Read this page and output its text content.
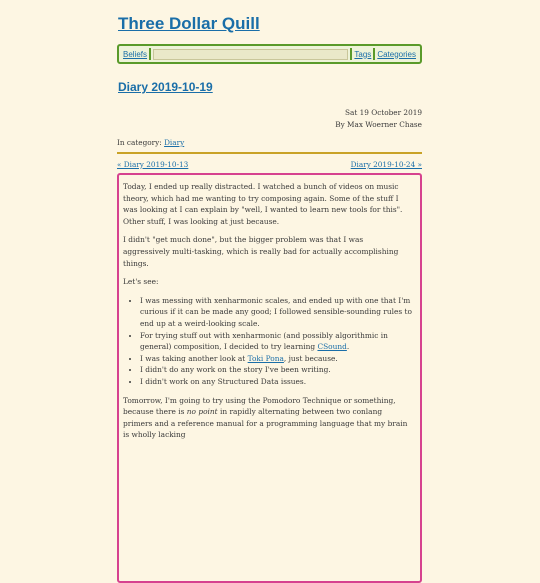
Three Dollar Quill
Beliefs	Tags Categories
Diary 2019-10-19
Sat 19 October 2019
By Max Woerner Chase
In category: Diary
« Diary 2019-10-13	Diary 2019-10-24 »

Today, I ended up really distracted. I watched a bunch of videos on music theory, which had me wanting to try composing again. Some of the stuff I was looking at I can explain by "well, I wanted to learn new tools for this". Other stuff, I was looking at just because.

I didn't "get much done", but the bigger problem was that I was aggressively multi-tasking, which is really bad for actually accomplishing things.

Let's see:

• I was messing with xenharmonic scales, and ended up with one that I'm curious if it can be made any good; I followed sensible-sounding rules to end up at a weird-looking scale.
• For trying stuff out with xenharmonic (and possibly algorithmic in general) composition, I decided to try learning CSound.
• I was taking another look at Toki Pona, just because.
• I didn't do any work on the story I've been writing.
• I didn't work on any Structured Data issues.

Tomorrow, I'm going to try using the Pomodoro Technique or something, because there is no point in rapidly alternating between two conlang primers and a reference manual for a programming language that my brain is wholly lacking
